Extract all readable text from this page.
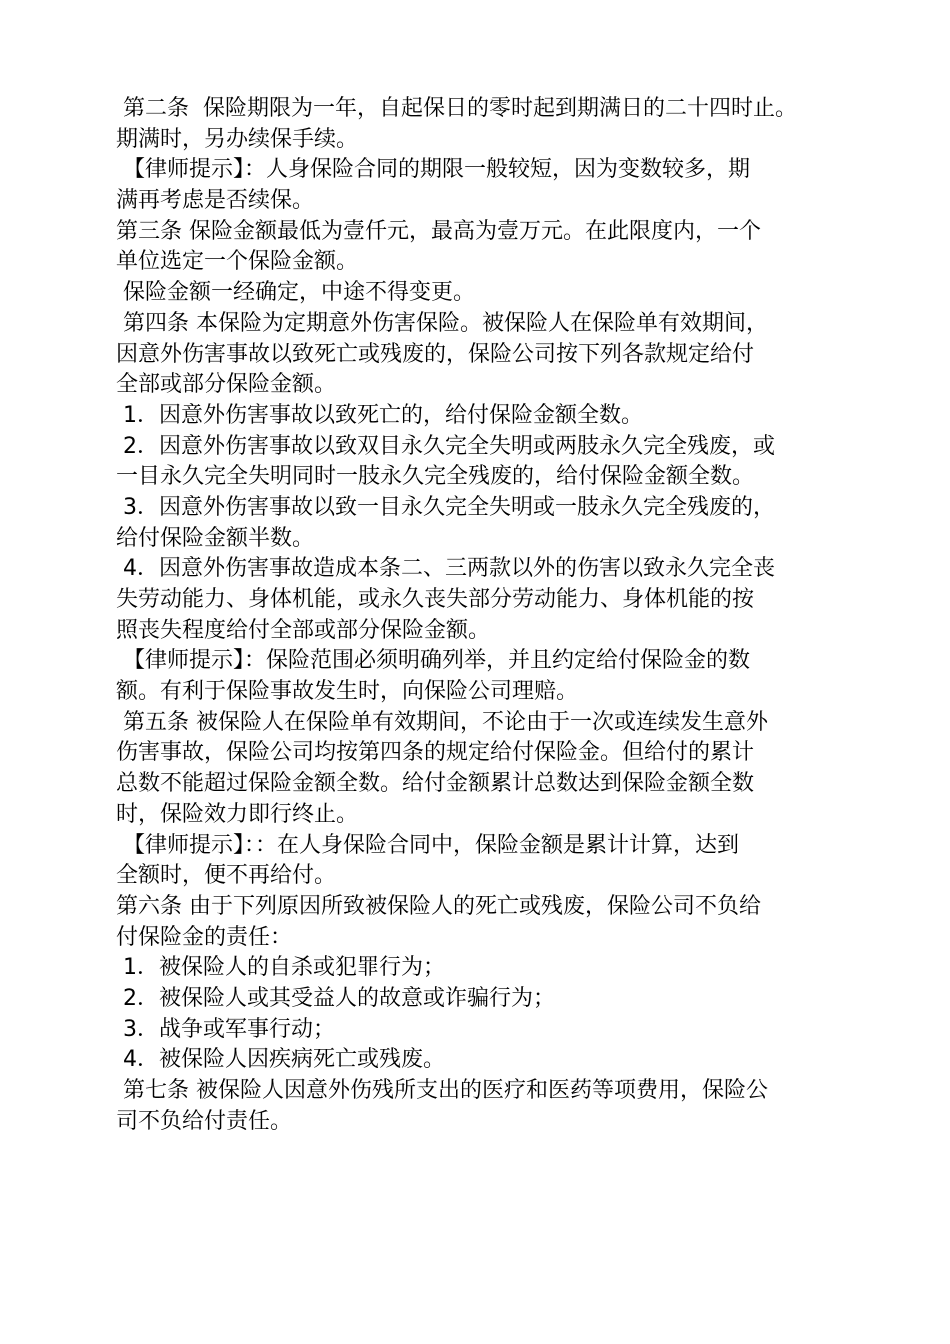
第二条  保险期限为一年，自起保日的零时起到期满日的二十四时止。
期满时，另办续保手续。
【律师提示】：人身保险合同的期限一般较短，因为变数较多，期
满再考虑是否续保。
第三条 保险金额最低为壹仟元，最高为壹万元。在此限度内，一个
单位选定一个保险金额。
保险金额一经确定，中途不得变更。
第四条 本保险为定期意外伤害保险。被保险人在保险单有效期间，
因意外伤害事故以致死亡或残废的，保险公司按下列各款规定给付
全部或部分保险金额。
1．因意外伤害事故以致死亡的，给付保险金额全数。
2．因意外伤害事故以致双目永久完全失明或两肢永久完全残废，或
一目永久完全失明同时一肢永久完全残废的，给付保险金额全数。
3．因意外伤害事故以致一目永久完全失明或一肢永久完全残废的，
给付保险金额半数。
4．因意外伤害事故造成本条二、三两款以外的伤害以致永久完全丧
失劳动能力、身体机能，或永久丧失部分劳动能力、身体机能的按
照丧失程度给付全部或部分保险金额。
【律师提示】：保险范围必须明确列举，并且约定给付保险金的数
额。有利于保险事故发生时，向保险公司理赔。
第五条 被保险人在保险单有效期间，不论由于一次或连续发生意外
伤害事故，保险公司均按第四条的规定给付保险金。但给付的累计
总数不能超过保险金额全数。给付金额累计总数达到保险金额全数
时，保险效力即行终止。
【律师提示】：：在人身保险合同中，保险金额是累计计算，达到
全额时，便不再给付。
第六条 由于下列原因所致被保险人的死亡或残废，保险公司不负给
付保险金的责任：
1．被保险人的自杀或犯罪行为；
2．被保险人或其受益人的故意或诈骗行为；
3．战争或军事行动；
4．被保险人因疾病死亡或残废。
第七条 被保险人因意外伤残所支出的医疗和医药等项费用，保险公
司不负给付责任。
